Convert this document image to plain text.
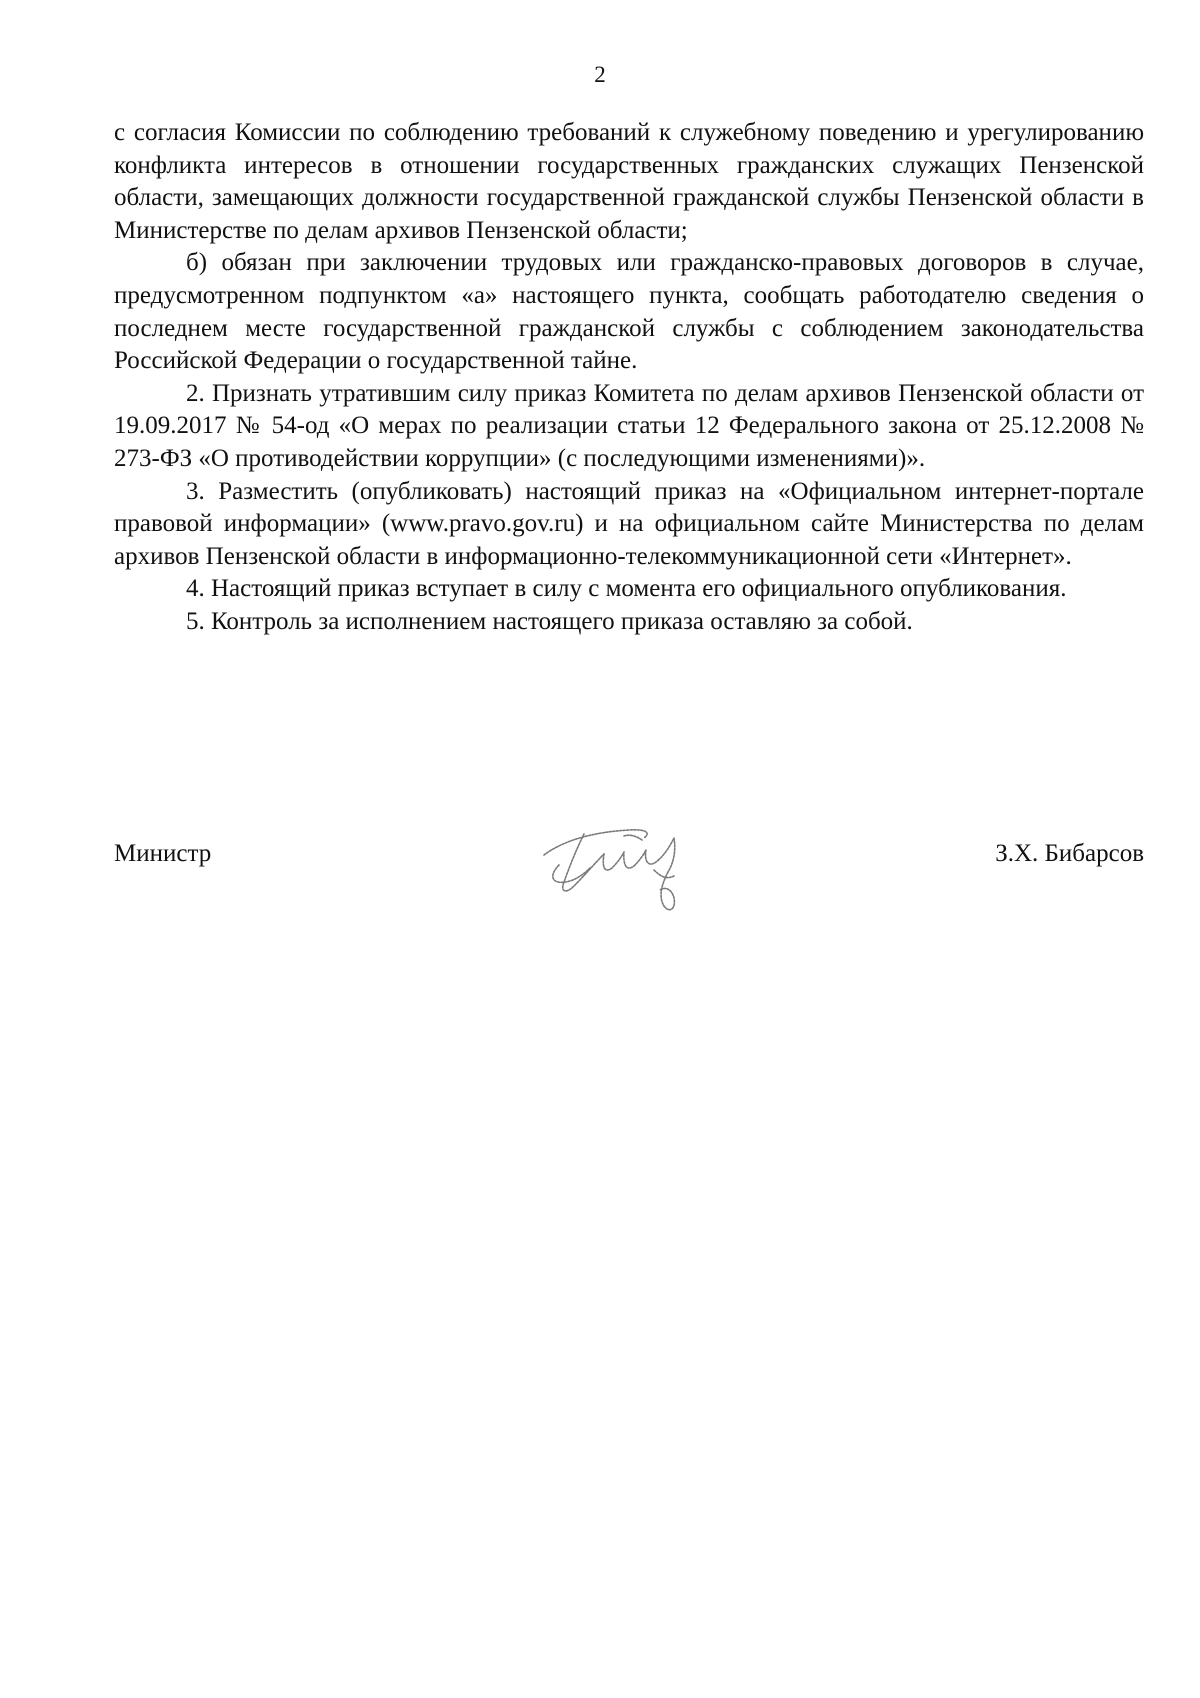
2

с согласия Комиссии по соблюдению требований к служебному поведению и урегулированию конфликта интересов в отношении государственных гражданских служащих Пензенской области, замещающих должности государственной гражданской службы Пензенской области в Министерстве по делам архивов Пензенской области;

б) обязан при заключении трудовых или гражданско-правовых договоров в случае, предусмотренном подпунктом «а» настоящего пункта, сообщать работодателю сведения о последнем месте государственной гражданской службы с соблюдением законодательства Российской Федерации о государственной тайне.

2. Признать утратившим силу приказ Комитета по делам архивов Пензенской области от 19.09.2017 № 54-од «О мерах по реализации статьи 12 Федерального закона от 25.12.2008 № 273-ФЗ «О противодействии коррупции» (с последующими изменениями)».

3. Разместить (опубликовать) настоящий приказ на «Официальном интернет-портале правовой информации» (www.pravo.gov.ru) и на официальном сайте Министерства по делам архивов Пензенской области в информационно-телекоммуникационной сети «Интернет».

4. Настоящий приказ вступает в силу с момента его официального опубликования.

5. Контроль за исполнением настоящего приказа оставляю за собой.

Министр	З.Х. Бибарсов
